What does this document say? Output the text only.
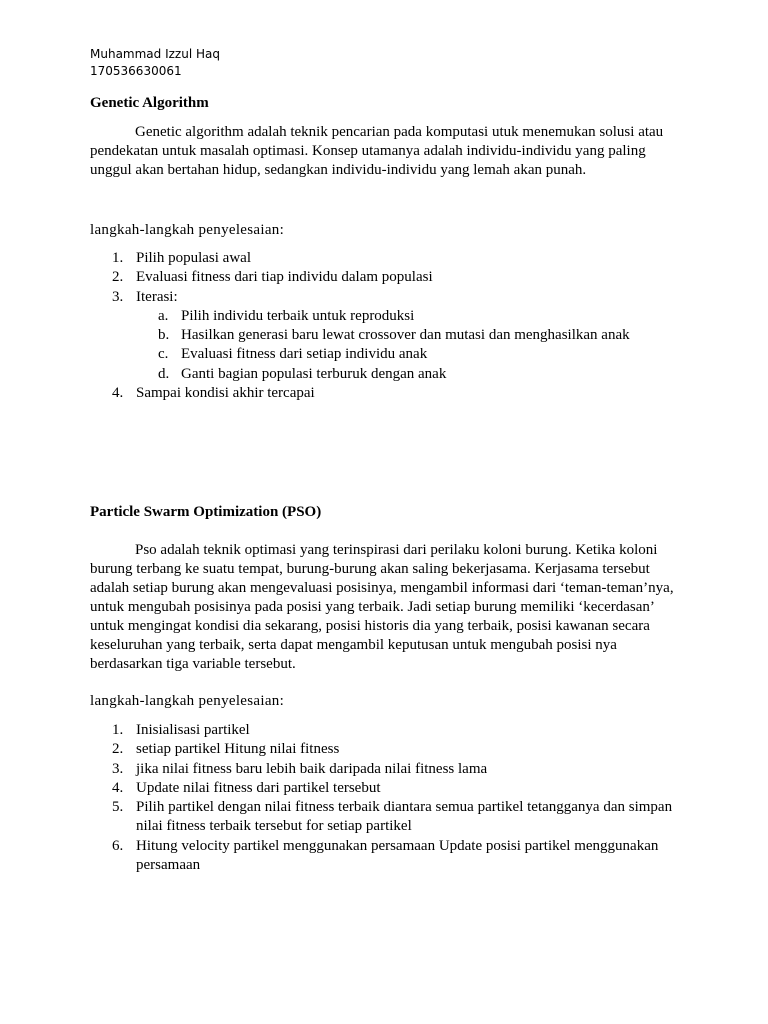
Muhammad Izzul Haq
170536630061
Genetic Algorithm

Genetic algorithm adalah teknik pencarian pada komputasi utuk menemukan solusi atau pendekatan untuk masalah optimasi. Konsep utamanya adalah individu-individu yang paling unggul akan bertahan hidup, sedangkan individu-individu yang lemah akan punah.

langkah-langkah penyelesaian:
1. Pilih populasi awal
2. Evaluasi fitness dari tiap individu dalam populasi
3. Iterasi:
a. Pilih individu terbaik untuk reproduksi
b. Hasilkan generasi baru lewat crossover dan mutasi dan menghasilkan anak
c. Evaluasi fitness dari setiap individu anak
d. Ganti bagian populasi terburuk dengan anak
4. Sampai kondisi akhir tercapai
Particle Swarm Optimization (PSO)

Pso adalah teknik optimasi yang terinspirasi dari perilaku koloni burung. Ketika koloni burung terbang ke suatu tempat, burung-burung akan saling bekerjasama. Kerjasama tersebut adalah setiap burung akan mengevaluasi posisinya, mengambil informasi dari ‘teman-teman’nya, untuk mengubah posisinya pada posisi yang terbaik. Jadi setiap burung memiliki ‘kecerdasan’ untuk mengingat kondisi dia sekarang, posisi historis dia yang terbaik, posisi kawanan secara keseluruhan yang terbaik, serta dapat mengambil keputusan untuk mengubah posisi nya berdasarkan tiga variable tersebut.

langkah-langkah penyelesaian:
1. Inisialisasi partikel
2. setiap partikel Hitung nilai fitness
3. jika nilai fitness baru lebih baik daripada nilai fitness lama
4. Update nilai fitness dari partikel tersebut
5. Pilih partikel dengan nilai fitness terbaik diantara semua partikel tetangganya dan simpan nilai fitness terbaik tersebut for setiap partikel
6. Hitung velocity partikel menggunakan persamaan Update posisi partikel menggunakan persamaan
